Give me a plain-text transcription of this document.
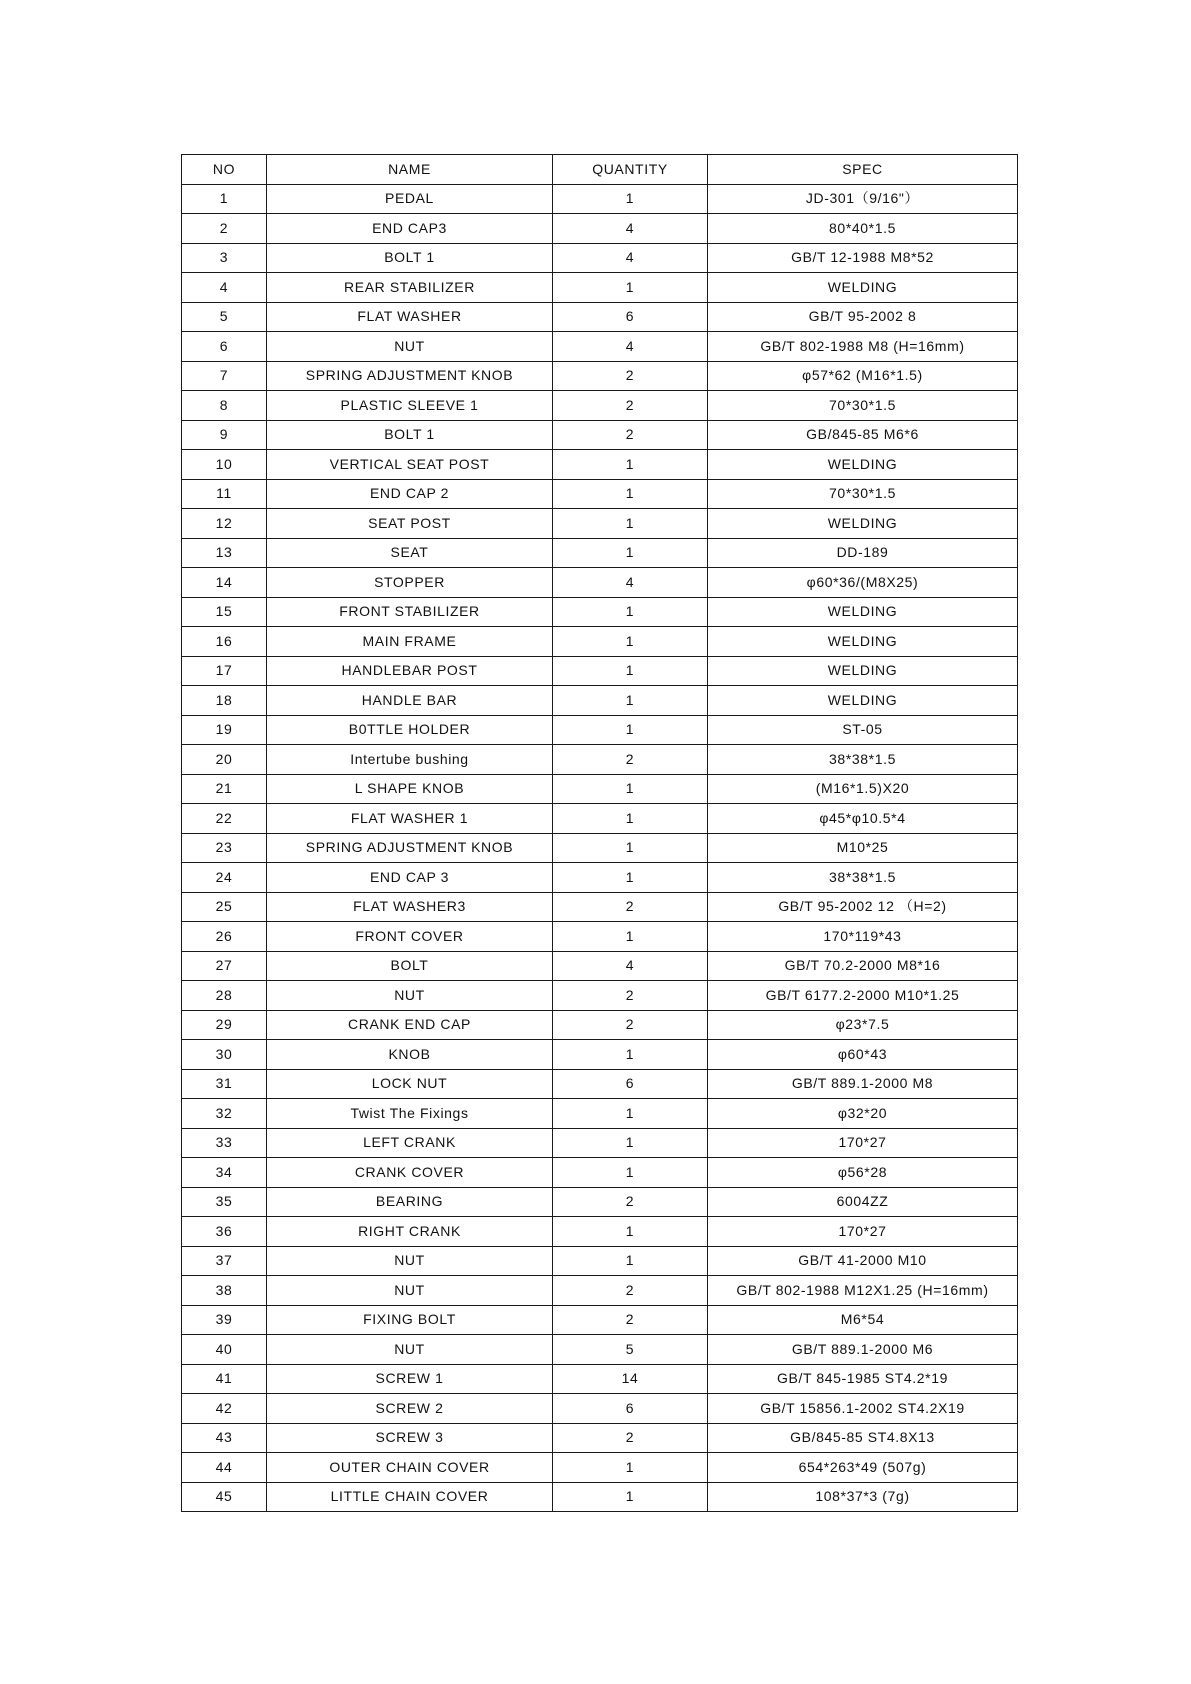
NO	NAME	QUANTITY	SPEC
1	PEDAL	1	JD-301（9/16"）
2	END CAP3	4	80*40*1.5
3	BOLT 1	4	GB/T 12-1988 M8*52
4	REAR STABILIZER	1	WELDING
5	FLAT WASHER	6	GB/T 95-2002 8
6	NUT	4	GB/T 802-1988 M8 (H=16mm)
7	SPRING ADJUSTMENT KNOB	2	φ57*62 (M16*1.5)
8	PLASTIC SLEEVE 1	2	70*30*1.5
9	BOLT 1	2	GB/845-85 M6*6
10	VERTICAL SEAT POST	1	WELDING
11	END CAP 2	1	70*30*1.5
12	SEAT POST	1	WELDING
13	SEAT	1	DD-189
14	STOPPER	4	φ60*36/(M8X25)
15	FRONT STABILIZER	1	WELDING
16	MAIN FRAME	1	WELDING
17	HANDLEBAR POST	1	WELDING
18	HANDLE BAR	1	WELDING
19	B0TTLE HOLDER	1	ST-05
20	Intertube bushing	2	38*38*1.5
21	L SHAPE KNOB	1	(M16*1.5)X20
22	FLAT WASHER 1	1	φ45*φ10.5*4
23	SPRING ADJUSTMENT KNOB	1	M10*25
24	END CAP 3	1	38*38*1.5
25	FLAT WASHER3	2	GB/T 95-2002 12 （H=2)
26	FRONT COVER	1	170*119*43
27	BOLT	4	GB/T 70.2-2000 M8*16
28	NUT	2	GB/T 6177.2-2000 M10*1.25
29	CRANK END CAP	2	φ23*7.5
30	KNOB	1	φ60*43
31	LOCK NUT	6	GB/T 889.1-2000 M8
32	Twist The Fixings	1	φ32*20
33	LEFT CRANK	1	170*27
34	CRANK COVER	1	φ56*28
35	BEARING	2	6004ZZ
36	RIGHT CRANK	1	170*27
37	NUT	1	GB/T 41-2000 M10
38	NUT	2	GB/T 802-1988 M12X1.25 (H=16mm)
39	FIXING BOLT	2	M6*54
40	NUT	5	GB/T 889.1-2000 M6
41	SCREW 1	14	GB/T 845-1985 ST4.2*19
42	SCREW 2	6	GB/T 15856.1-2002 ST4.2X19
43	SCREW 3	2	GB/845-85 ST4.8X13
44	OUTER CHAIN COVER	1	654*263*49 (507g)
45	LITTLE CHAIN COVER	1	108*37*3 (7g)
